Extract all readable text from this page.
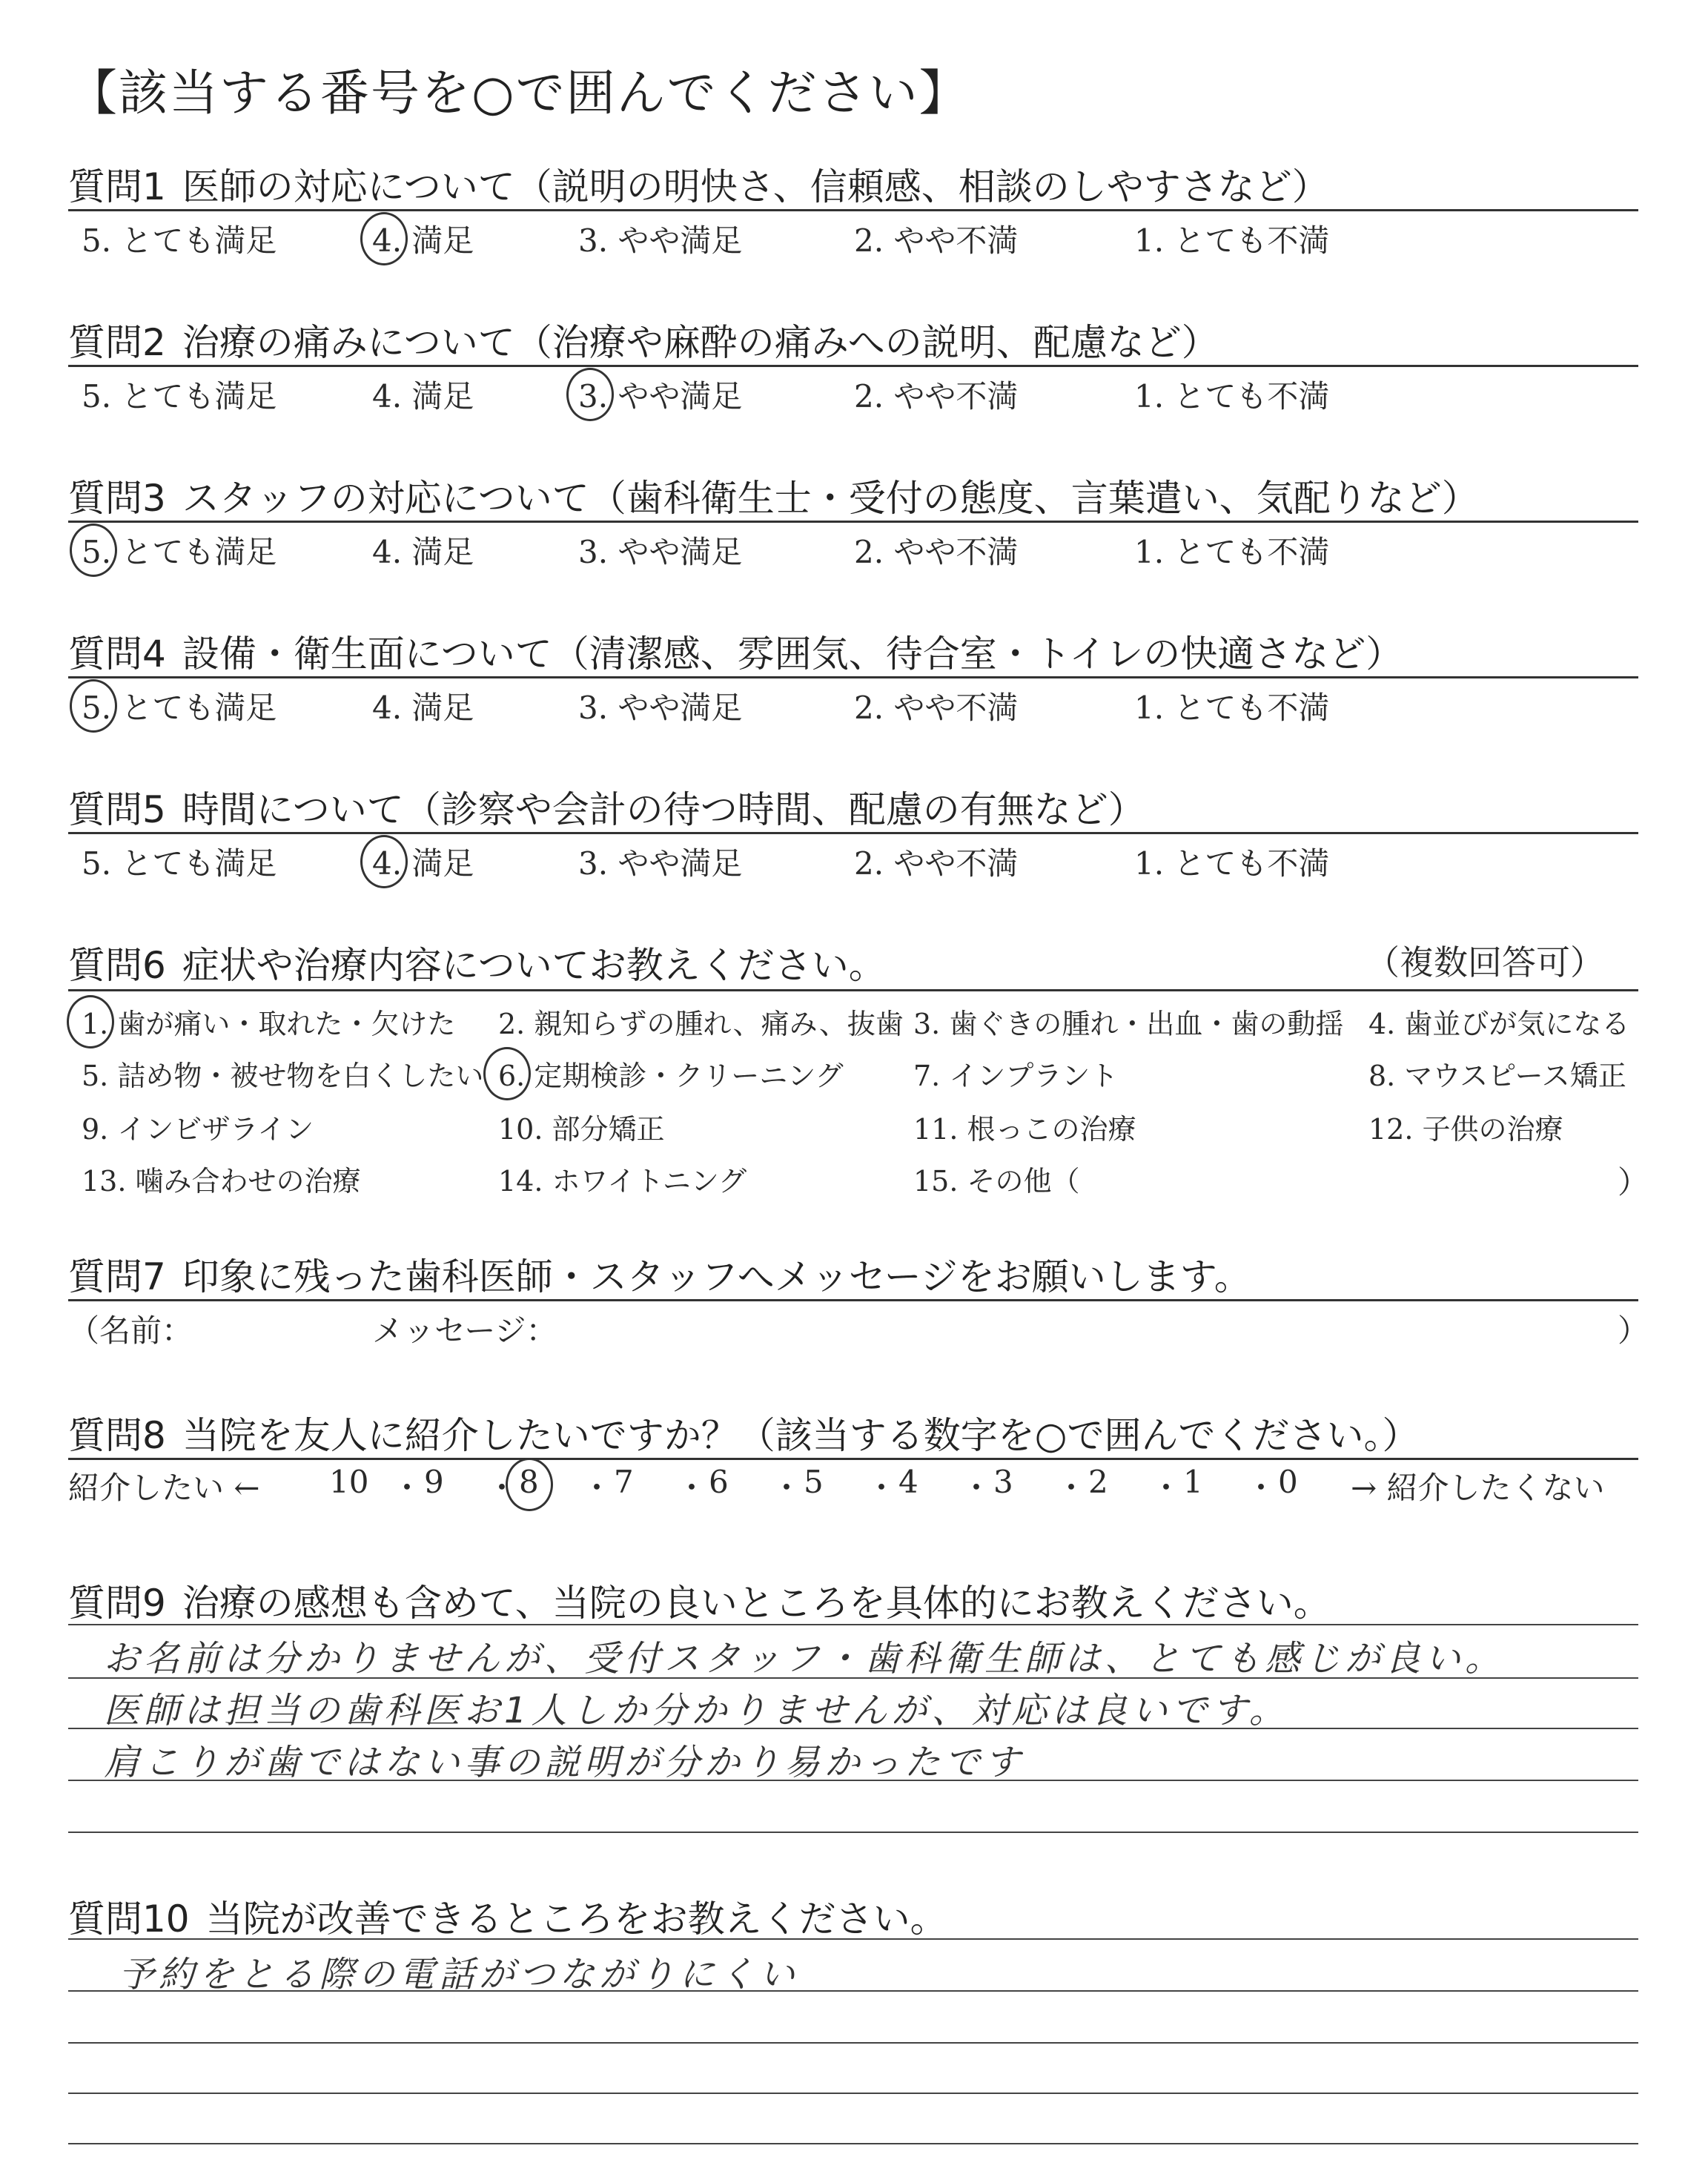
【該当する番号を○で囲んでください】
質問1 医師の対応について（説明の明快さ、信頼感、相談のしやすさなど）
5. とても満足	4. 満足	3. やや満足	2. やや不満	1. とても不満
質問2 治療の痛みについて（治療や麻酔の痛みへの説明、配慮など）
5. とても満足	4. 満足	3. やや満足	2. やや不満	1. とても不満
質問3 スタッフの対応について（歯科衛生士・受付の態度、言葉遣い、気配りなど）
5. とても満足	4. 満足	3. やや満足	2. やや不満	1. とても不満
質問4 設備・衛生面について（清潔感、雰囲気、待合室・トイレの快適さなど）
5. とても満足	4. 満足	3. やや満足	2. やや不満	1. とても不満
質問5 時間について（診察や会計の待つ時間、配慮の有無など）
5. とても満足	4. 満足	3. やや満足	2. やや不満	1. とても不満
質問6 症状や治療内容についてお教えください。	（複数回答可）
1. 歯が痛い・取れた・欠けた 2. 親知らずの腫れ、痛み、抜歯 3. 歯ぐきの腫れ・出血・歯の動揺 4. 歯並びが気になる
5. 詰め物・被せ物を白くしたい 6. 定期検診・クリーニング 7. インプラント	8. マウスピース矯正
9. インビザライン	10. 部分矯正	11. 根っこの治療	12. 子供の治療
13. 噛み合わせの治療	14. ホワイトニング	15. その他（	）
質問7 印象に残った歯科医師・スタッフへメッセージをお願いします。
（名前：	メッセージ：	）
質問8 当院を友人に紹介したいですか？（該当する数字を○で囲んでください。）
紹介したい ← 10 ・ 9 ・ 8 ・ 7 ・ 6 ・ 5 ・ 4 ・ 3 ・ 2 ・ 1 ・ 0 → 紹介したくない
質問9 治療の感想も含めて、当院の良いところを具体的にお教えください。
お名前は分かりませんが、受付スタッフ・歯科衛生師は、とても感じが良い。
医師は担当の歯科医お1人しか分かりませんが、対応は良いです。
肩こりが歯ではない事の説明が分かり易かったです
質問10 当院が改善できるところをお教えください。
予約をとる際の電話がつながりにくい
